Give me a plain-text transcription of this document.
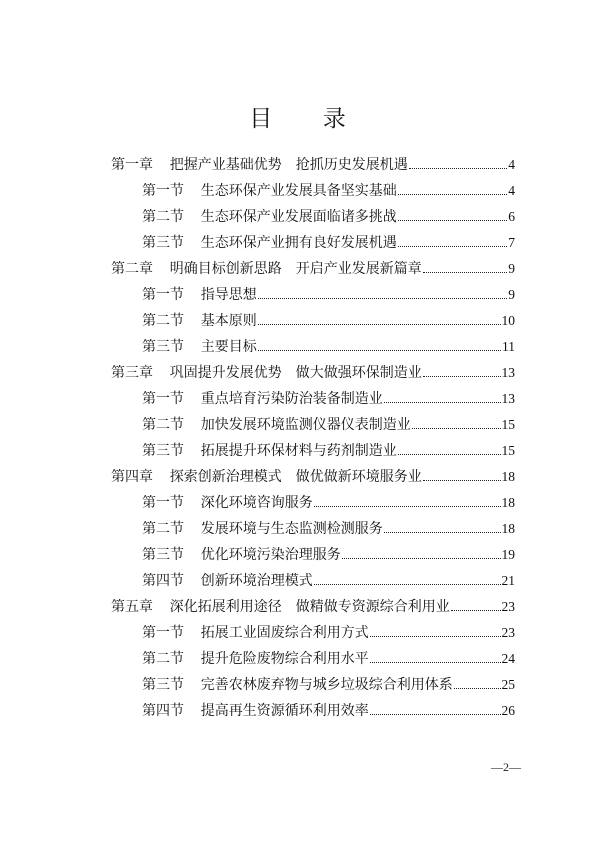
目　录
第一章 把握产业基础优势　抢抓历史发展机遇	4
第一节 生态环保产业发展具备坚实基础	4
第二节 生态环保产业发展面临诸多挑战	6
第三节 生态环保产业拥有良好发展机遇	7
第二章 明确目标创新思路　开启产业发展新篇章	9
第一节 指导思想	9
第二节 基本原则	10
第三节 主要目标	11
第三章 巩固提升发展优势　做大做强环保制造业	13
第一节 重点培育污染防治装备制造业	13
第二节 加快发展环境监测仪器仪表制造业	15
第三节 拓展提升环保材料与药剂制造业	15
第四章 探索创新治理模式　做优做新环境服务业	18
第一节 深化环境咨询服务	18
第二节 发展环境与生态监测检测服务	18
第三节 优化环境污染治理服务	19
第四节 创新环境治理模式	21
第五章 深化拓展利用途径　做精做专资源综合利用业	23
第一节 拓展工业固废综合利用方式	23
第二节 提升危险废物综合利用水平	24
第三节 完善农林废弃物与城乡垃圾综合利用体系	25
第四节 提高再生资源循环利用效率	26
—2—
